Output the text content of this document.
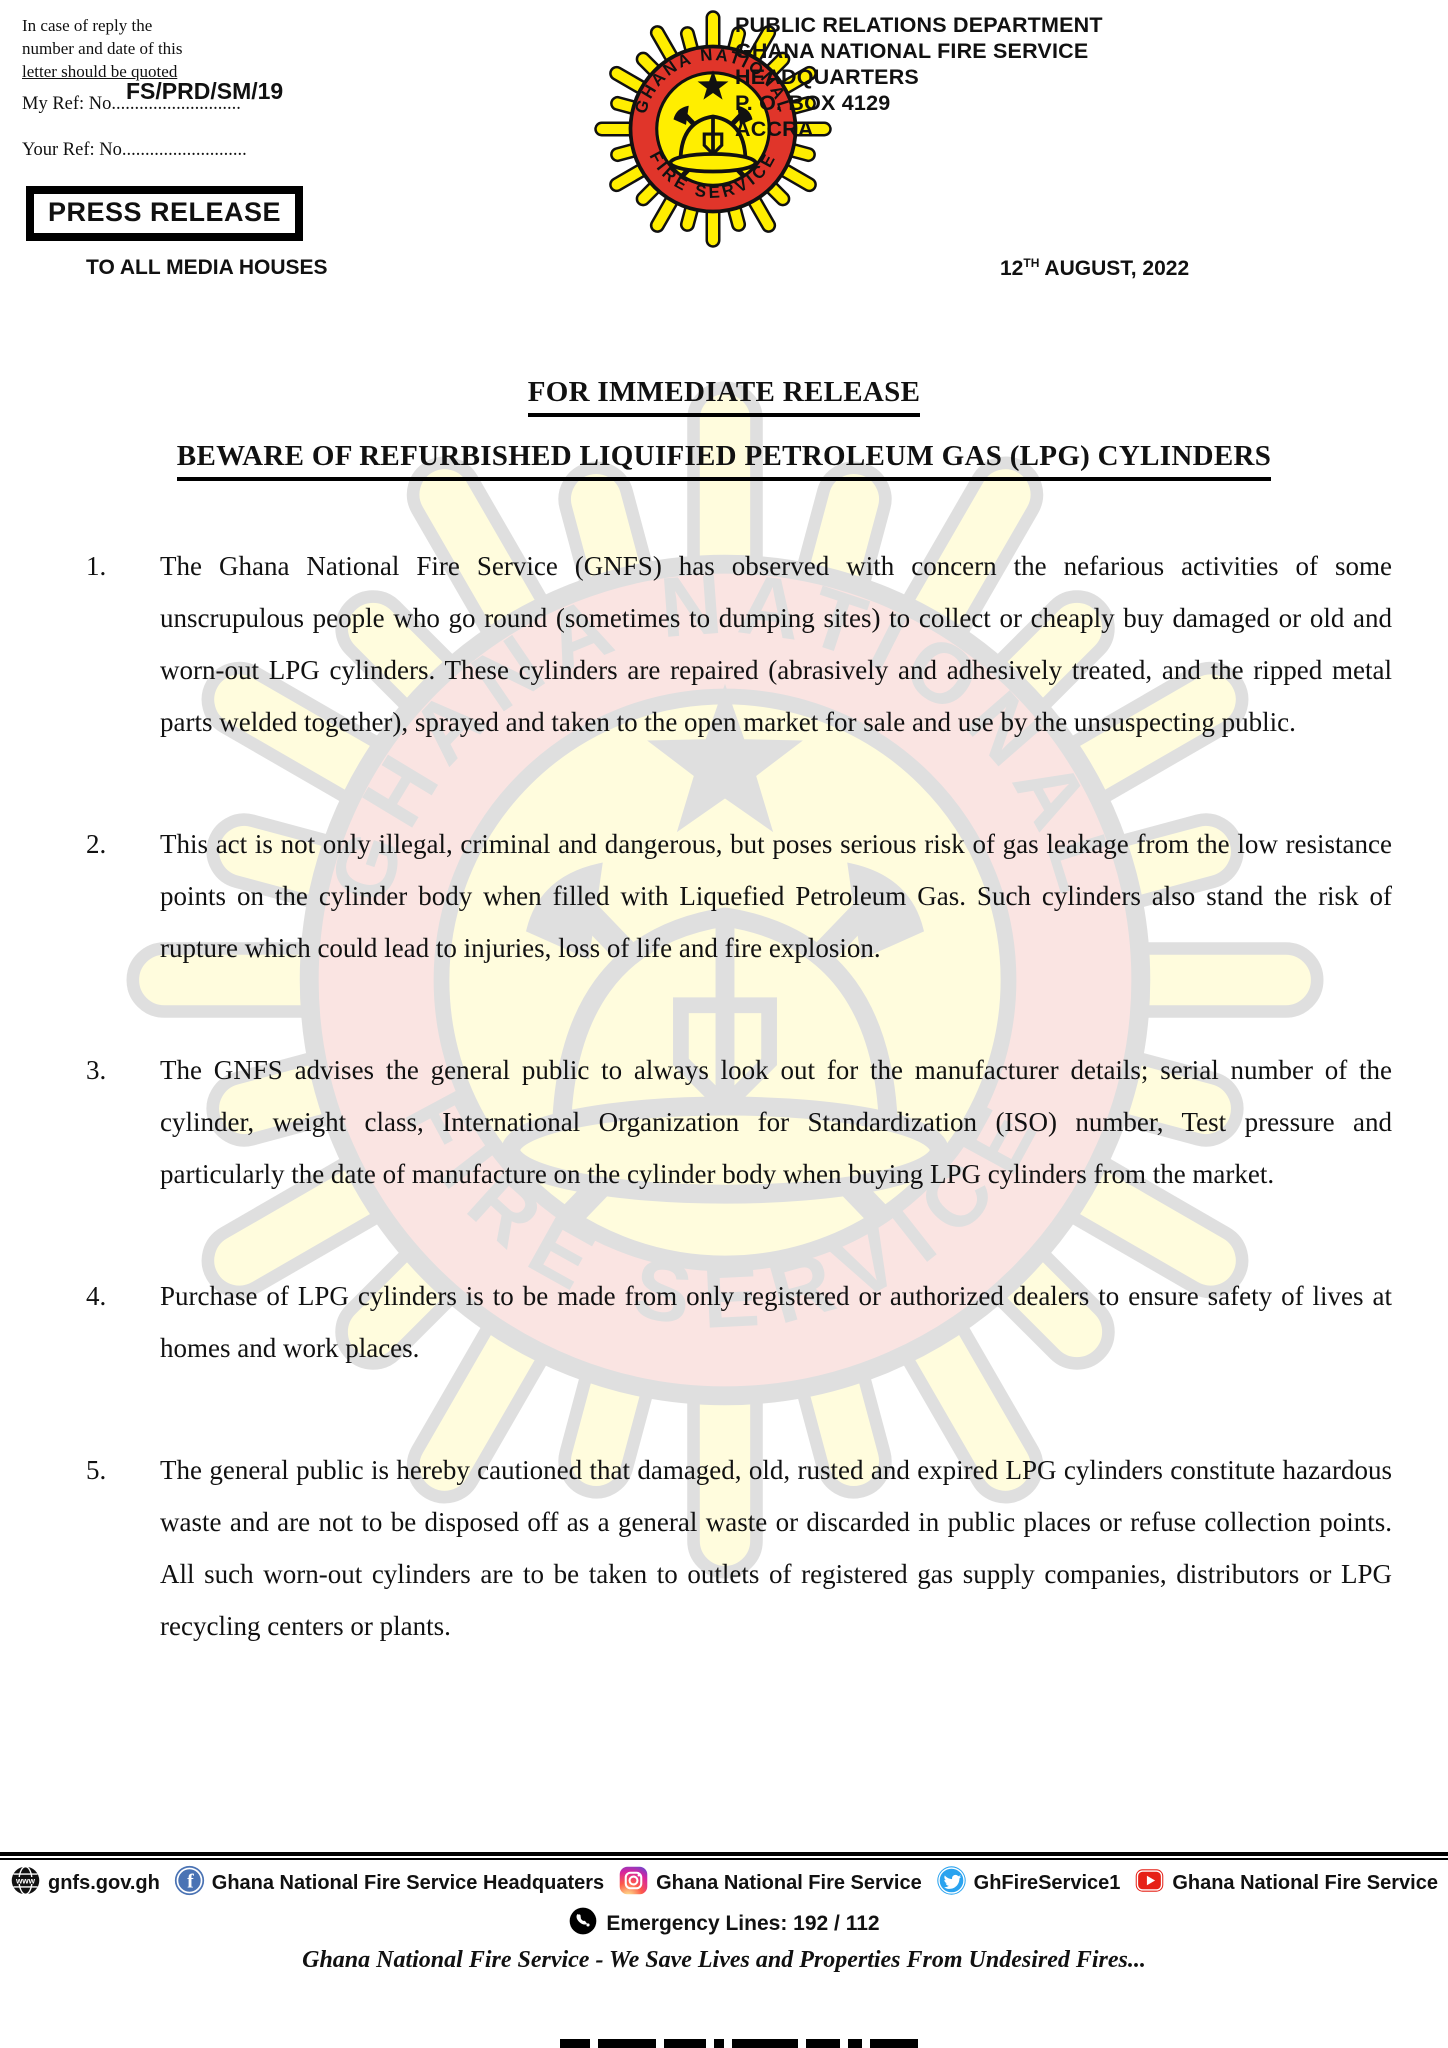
In case of reply the
number and date of this
letter should be quoted
My Ref: No............................
FS/PRD/SM/19
Your Ref: No...........................
PRESS RELEASE
PUBLIC RELATIONS DEPARTMENT
GHANA NATIONAL FIRE SERVICE
HEADQUARTERS
P. O. BOX 4129
ACCRA
TO ALL MEDIA HOUSES	12TH AUGUST, 2022
FOR IMMEDIATE RELEASE
BEWARE OF REFURBISHED LIQUIFIED PETROLEUM GAS (LPG) CYLINDERS
1. The Ghana National Fire Service (GNFS) has observed with concern the nefarious activities of some unscrupulous people who go round (sometimes to dumping sites) to collect or cheaply buy damaged or old and worn-out LPG cylinders. These cylinders are repaired (abrasively and adhesively treated, and the ripped metal parts welded together), sprayed and taken to the open market for sale and use by the unsuspecting public.
2. This act is not only illegal, criminal and dangerous, but poses serious risk of gas leakage from the low resistance points on the cylinder body when filled with Liquefied Petroleum Gas. Such cylinders also stand the risk of rupture which could lead to injuries, loss of life and fire explosion.
3. The GNFS advises the general public to always look out for the manufacturer details; serial number of the cylinder, weight class, International Organization for Standardization (ISO) number, Test pressure and particularly the date of manufacture on the cylinder body when buying LPG cylinders from the market.
4. Purchase of LPG cylinders is to be made from only registered or authorized dealers to ensure safety of lives at homes and work places.
5. The general public is hereby cautioned that damaged, old, rusted and expired LPG cylinders constitute hazardous waste and are not to be disposed off as a general waste or discarded in public places or refuse collection points. All such worn-out cylinders are to be taken to outlets of registered gas supply companies, distributors or LPG recycling centers or plants.
www gnfs.gov.gh f Ghana National Fire Service Headquaters	Ghana National Fire Service	GhFireService1	Ghana National Fire Service
Emergency Lines: 192 / 112
Ghana National Fire Service - We Save Lives and Properties From Undesired Fires...
